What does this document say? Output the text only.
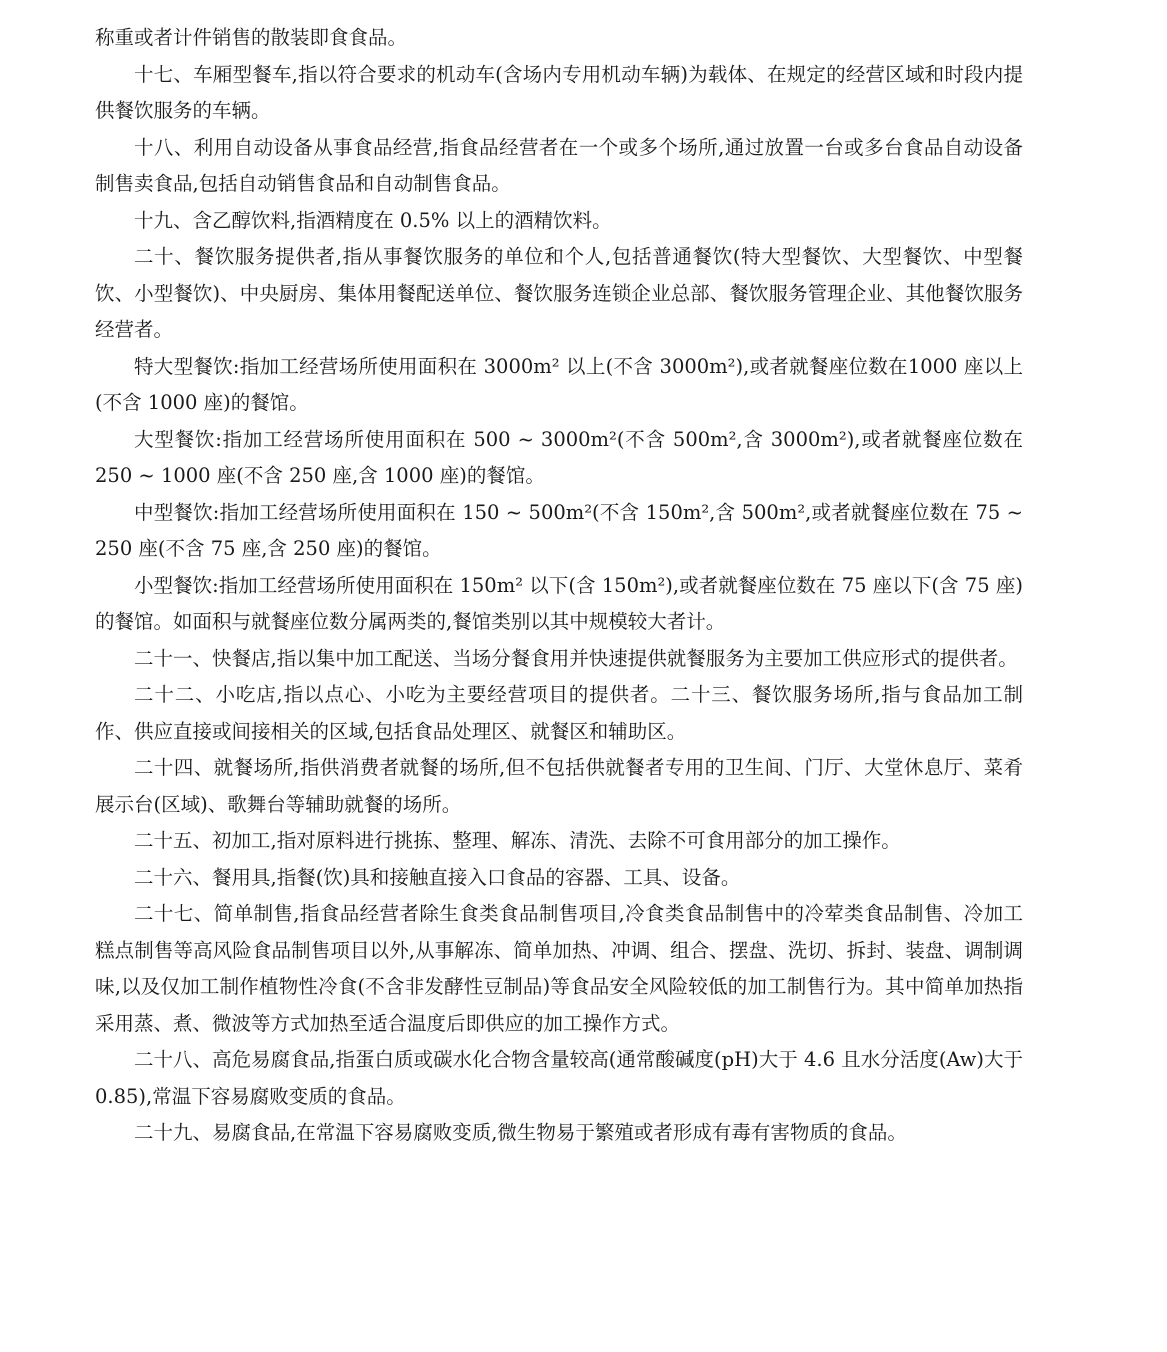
称重或者计件销售的散装即食食品。

十七、车厢型餐车,指以符合要求的机动车(含场内专用机动车辆)为载体、在规定的经营区域和时段内提供餐饮服务的车辆。

十八、利用自动设备从事食品经营,指食品经营者在一个或多个场所,通过放置一台或多台食品自动设备制售卖食品,包括自动销售食品和自动制售食品。

十九、含乙醇饮料,指酒精度在 0.5% 以上的酒精饮料。

二十、餐饮服务提供者,指从事餐饮服务的单位和个人,包括普通餐饮(特大型餐饮、大型餐饮、中型餐饮、小型餐饮)、中央厨房、集体用餐配送单位、餐饮服务连锁企业总部、餐饮服务管理企业、其他餐饮服务经营者。

特大型餐饮:指加工经营场所使用面积在 3000m² 以上(不含 3000m²),或者就餐座位数在1000 座以上(不含 1000 座)的餐馆。

大型餐饮:指加工经营场所使用面积在 500 ~ 3000m²(不含 500m²,含 3000m²),或者就餐座位数在 250 ~ 1000 座(不含 250 座,含 1000 座)的餐馆。

中型餐饮:指加工经营场所使用面积在 150 ~ 500m²(不含 150m²,含 500m²,或者就餐座位数在 75 ~ 250 座(不含 75 座,含 250 座)的餐馆。

小型餐饮:指加工经营场所使用面积在 150m² 以下(含 150m²),或者就餐座位数在 75 座以下(含 75 座)的餐馆。如面积与就餐座位数分属两类的,餐馆类别以其中规模较大者计。

二十一、快餐店,指以集中加工配送、当场分餐食用并快速提供就餐服务为主要加工供应形式的提供者。

二十二、小吃店,指以点心、小吃为主要经营项目的提供者。二十三、餐饮服务场所,指与食品加工制作、供应直接或间接相关的区域,包括食品处理区、就餐区和辅助区。

二十四、就餐场所,指供消费者就餐的场所,但不包括供就餐者专用的卫生间、门厅、大堂休息厅、菜肴展示台(区域)、歌舞台等辅助就餐的场所。

二十五、初加工,指对原料进行挑拣、整理、解冻、清洗、去除不可食用部分的加工操作。

二十六、餐用具,指餐(饮)具和接触直接入口食品的容器、工具、设备。

二十七、简单制售,指食品经营者除生食类食品制售项目,冷食类食品制售中的冷荤类食品制售、冷加工糕点制售等高风险食品制售项目以外,从事解冻、简单加热、冲调、组合、摆盘、洗切、拆封、装盘、调制调味,以及仅加工制作植物性冷食(不含非发酵性豆制品)等食品安全风险较低的加工制售行为。其中简单加热指采用蒸、煮、微波等方式加热至适合温度后即供应的加工操作方式。

二十八、高危易腐食品,指蛋白质或碳水化合物含量较高(通常酸碱度(pH)大于 4.6 且水分活度(Aw)大于 0.85),常温下容易腐败变质的食品。

二十九、易腐食品,在常温下容易腐败变质,微生物易于繁殖或者形成有毒有害物质的食品。
